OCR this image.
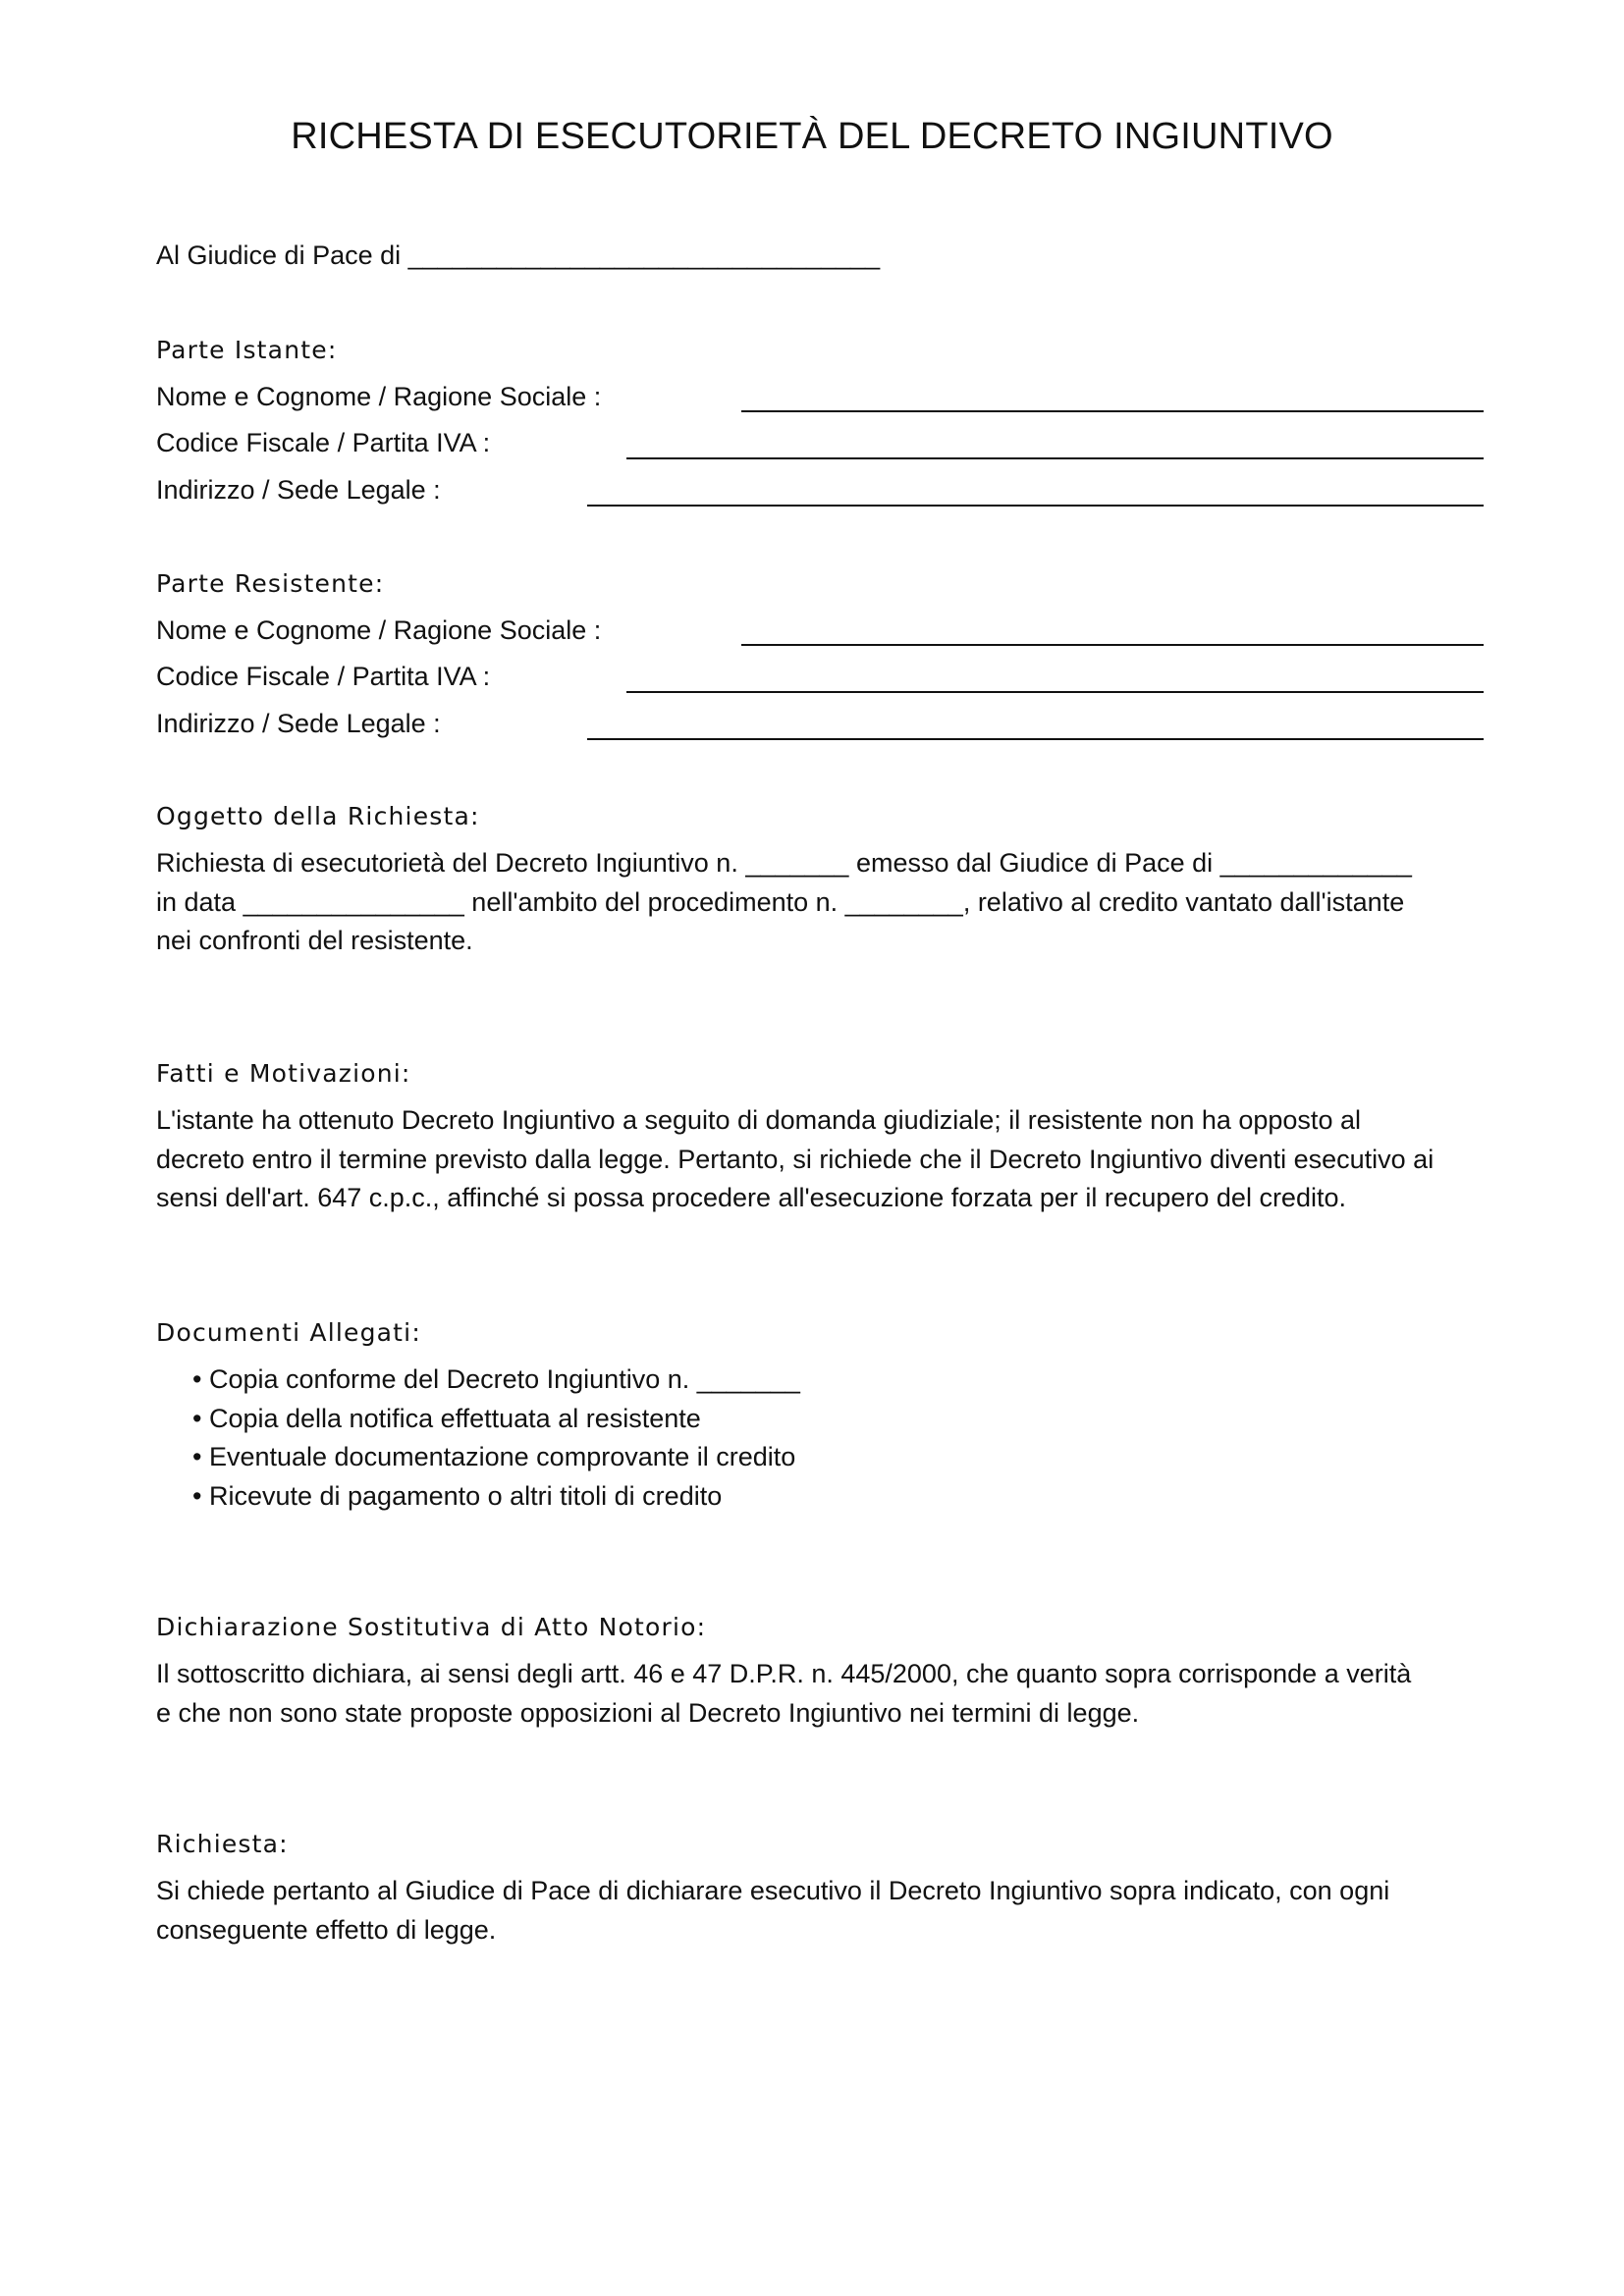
RICHESTA DI ESECUTORIETÀ DEL DECRETO INGIUNTIVO
Al Giudice di Pace di ________________________________
Parte Istante:
Nome e Cognome / Ragione Sociale :
Codice Fiscale / Partita IVA :
Indirizzo / Sede Legale :
Parte Resistente:
Nome e Cognome / Ragione Sociale :
Codice Fiscale / Partita IVA :
Indirizzo / Sede Legale :
Oggetto della Richiesta:

Richiesta di esecutorietà del Decreto Ingiuntivo n. _______ emesso dal Giudice di Pace di _____________

in data _______________ nell'ambito del procedimento n. ________, relativo al credito vantato dall'istante

nei confronti del resistente.

Fatti e Motivazioni:

L'istante ha ottenuto Decreto Ingiuntivo a seguito di domanda giudiziale; il resistente non ha opposto al

decreto entro il termine previsto dalla legge. Pertanto, si richiede che il Decreto Ingiuntivo diventi esecutivo ai

sensi dell'art. 647 c.p.c., affinché si possa procedere all'esecuzione forzata per il recupero del credito.

Documenti Allegati:
• Copia conforme del Decreto Ingiuntivo n. _______
• Copia della notifica effettuata al resistente
• Eventuale documentazione comprovante il credito
• Ricevute di pagamento o altri titoli di credito
Dichiarazione Sostitutiva di Atto Notorio:

Il sottoscritto dichiara, ai sensi degli artt. 46 e 47 D.P.R. n. 445/2000, che quanto sopra corrisponde a verità

e che non sono state proposte opposizioni al Decreto Ingiuntivo nei termini di legge.

Richiesta:

Si chiede pertanto al Giudice di Pace di dichiarare esecutivo il Decreto Ingiuntivo sopra indicato, con ogni

conseguente effetto di legge.
